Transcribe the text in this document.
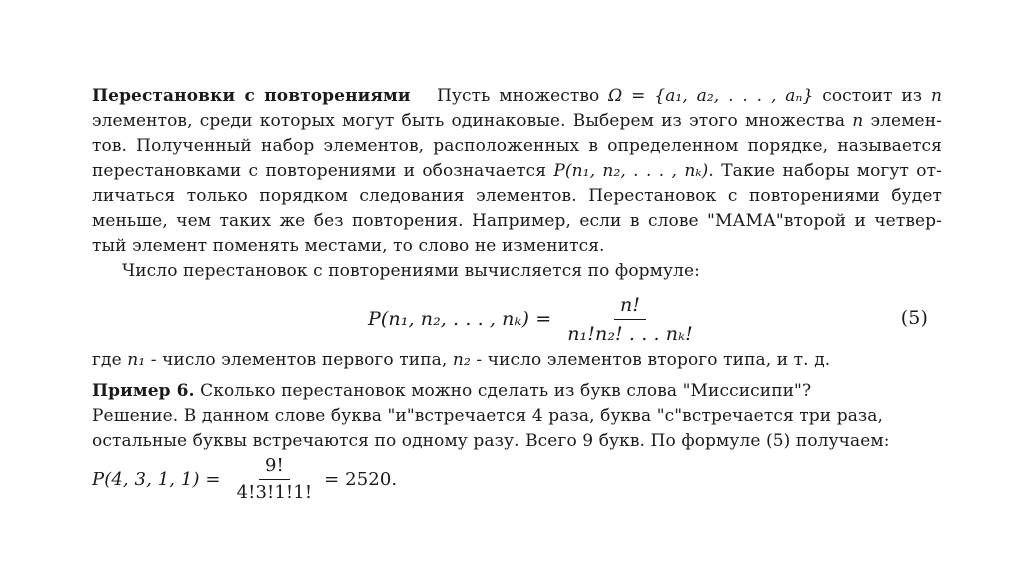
Перестановки с повторениями Пусть множество Ω = {a₁, a₂, . . . , aₙ} состоит из n элементов, среди которых могут быть одинаковые. Выберем из этого множества n элемен- тов. Полученный набор элементов, расположенных в определенном порядке, называется перестановками с повторениями и обозначается P(n₁, n₂, . . . , nₖ). Такие наборы могут от- личаться только порядком следования элементов. Перестановок с повторениями будет меньше, чем таких же без повторения. Например, если в слове "МАМА"второй и четвер- тый элемент поменять местами, то слово не изменится.

Число перестановок с повторениями вычисляется по формуле:

P(n₁, n₂, . . . , $n_k) = \frac{n!}{\text{n₁!n₂! . . . nₖ!}}$	(5)

где n₁ - число элементов первого типа, n₂ - число элементов второго типа, и т. д.

Пример 6. Сколько перестановок можно сделать из букв слова "Миссисипи"?

Решение. В данном слове буква "и"встречается 4 раза, буква "с"встречается три раза,

остальные буквы встречаются по одному разу. Всего 9 букв. По формуле (5) получаем:

P(4, 3, 1, $1) = \frac{9!}{4!3!1!1!} = 2520$.
